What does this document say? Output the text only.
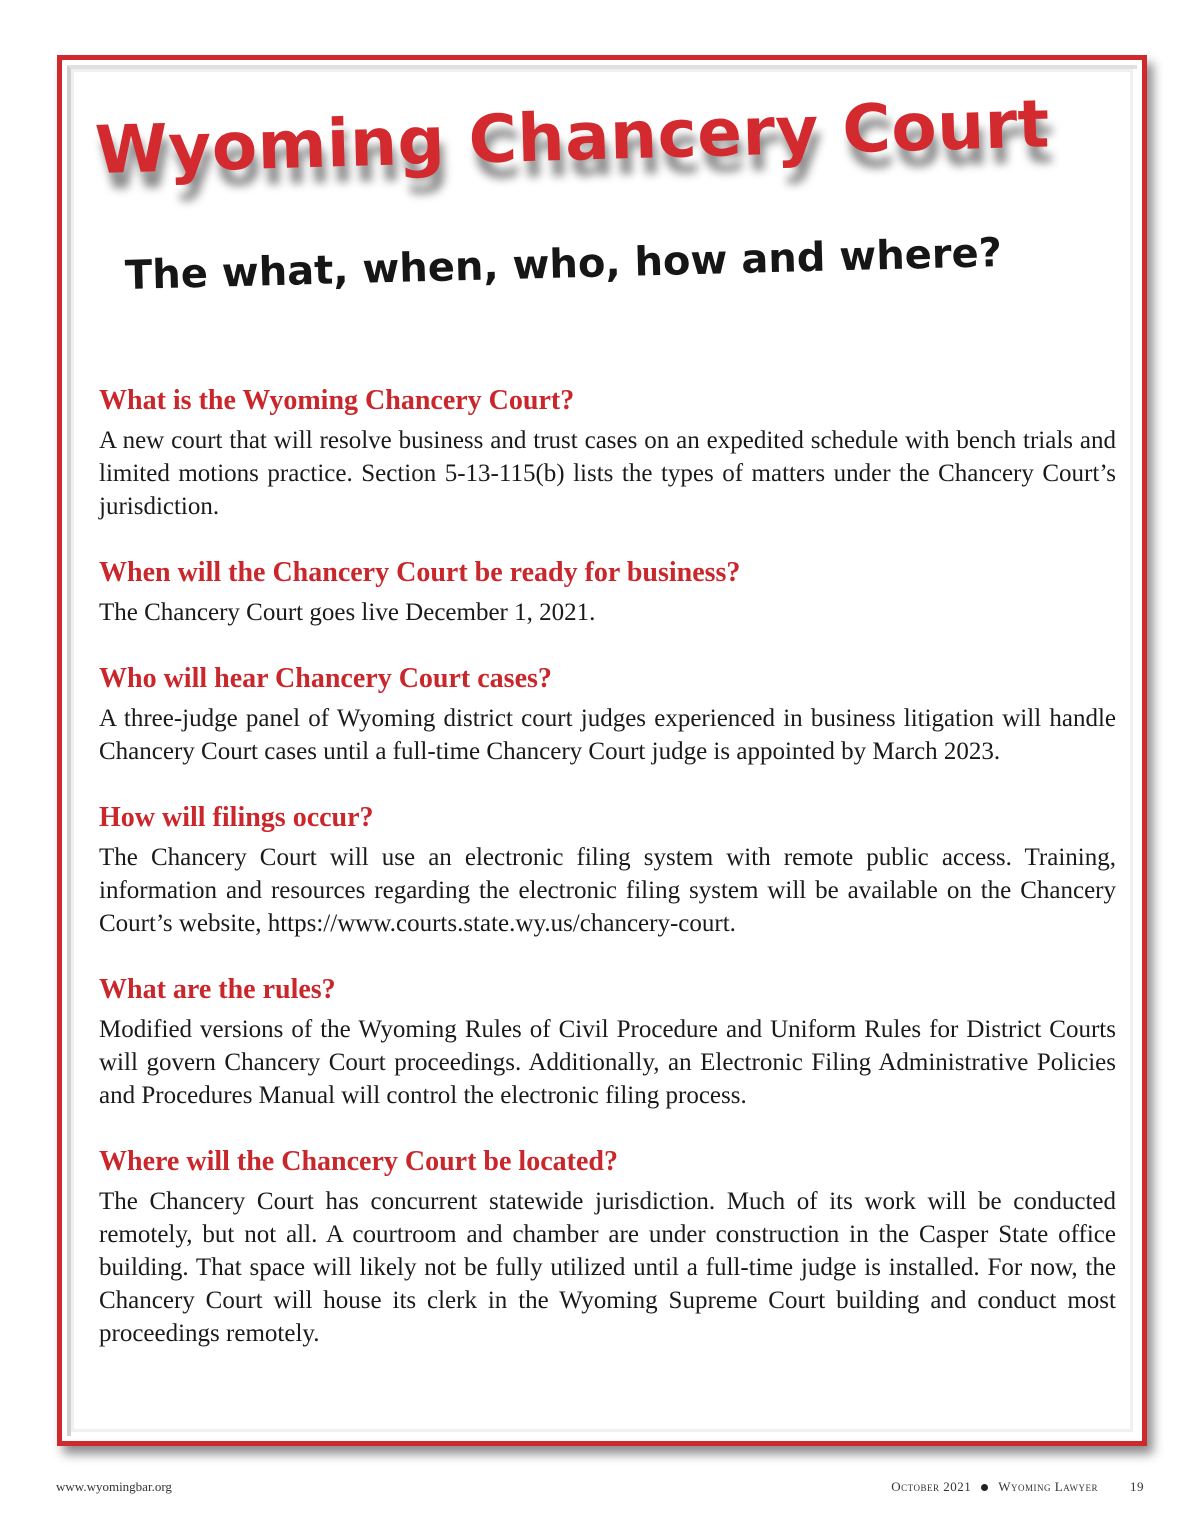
Wyoming Chancery Court
The what, when, who, how and where?
What is the Wyoming Chancery Court?

A new court that will resolve business and trust cases on an expedited schedule with bench trials and limited motions practice. Section 5-13-115(b) lists the types of matters under the Chancery Court’s jurisdiction.

When will the Chancery Court be ready for business?

The Chancery Court goes live December 1, 2021.

Who will hear Chancery Court cases?

A three-judge panel of Wyoming district court judges experienced in business litigation will handle Chancery Court cases until a full-time Chancery Court judge is appointed by March 2023.

How will filings occur?

The Chancery Court will use an electronic filing system with remote public access. Training, information and resources regarding the electronic filing system will be available on the Chancery Court’s website, https://www.courts.state.wy.us/chancery-court.

What are the rules?

Modified versions of the Wyoming Rules of Civil Procedure and Uniform Rules for District Courts will govern Chancery Court proceedings. Additionally, an Electronic Filing Administrative Policies and Procedures Manual will control the electronic filing process.

Where will the Chancery Court be located?

The Chancery Court has concurrent statewide jurisdiction. Much of its work will be conducted remotely, but not all. A courtroom and chamber are under construction in the Casper State office building. That space will likely not be fully utilized until a full-time judge is installed. For now, the Chancery Court will house its clerk in the Wyoming Supreme Court building and conduct most proceedings remotely.

www.wyomingbar.org	October 2021 Wyoming Lawyer 19
